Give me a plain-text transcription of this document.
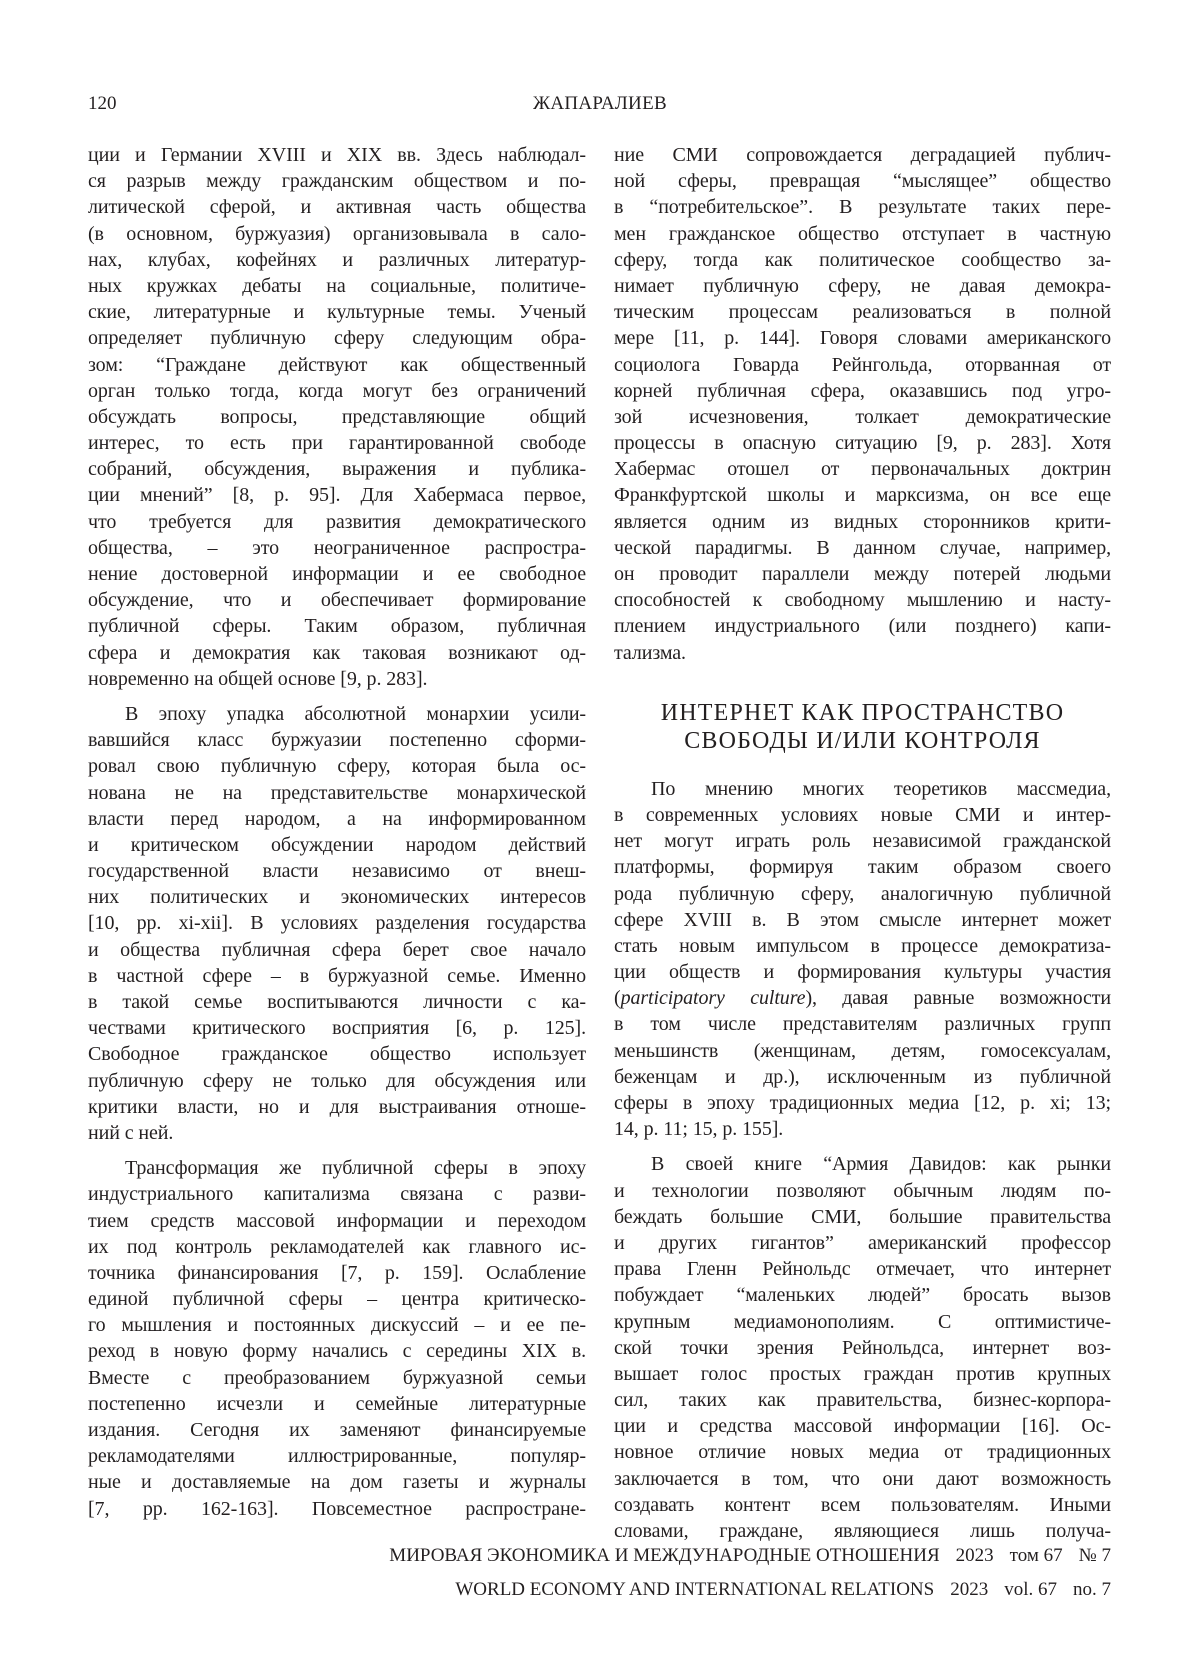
120	ЖАПАРАЛИЕВ
ции и Германии XVIII и XIX вв. Здесь наблюдал-
ся разрыв между гражданским обществом и по-
литической сферой, и активная часть общества
(в основном, буржуазия) организовывала в сало-
нах, клубах, кофейнях и различных литератур-
ных кружках дебаты на социальные, политиче-
ские, литературные и культурные темы. Ученый
определяет публичную сферу следующим обра-
зом: “Граждане действуют как общественный
орган только тогда, когда могут без ограничений
обсуждать вопросы, представляющие общий
интерес, то есть при гарантированной свободе
собраний, обсуждения, выражения и публика-
ции мнений” [8, p. 95]. Для Хабермаса первое,
что требуется для развития демократического
общества, – это неограниченное распростра-
нение достоверной информации и ее свободное
обсуждение, что и обеспечивает формирование
публичной сферы. Таким образом, публичная
сфера и демократия как таковая возникают од-
новременно на общей основе [9, p. 283].
В эпоху упадка абсолютной монархии усили-
вавшийся класс буржуазии постепенно сформи-
ровал свою публичную сферу, которая была ос-
нована не на представительстве монархической
власти перед народом, а на информированном
и критическом обсуждении народом действий
государственной власти независимо от внеш-
них политических и экономических интересов
[10, pp. xi-xii]. В условиях разделения государства
и общества публичная сфера берет свое начало
в частной сфере – в буржуазной семье. Именно
в такой семье воспитываются личности с ка-
чествами критического восприятия [6, p. 125].
Свободное гражданское общество использует
публичную сферу не только для обсуждения или
критики власти, но и для выстраивания отноше-
ний с ней.
Трансформация же публичной сферы в эпоху
индустриального капитализма связана с разви-
тием средств массовой информации и переходом
их под контроль рекламодателей как главного ис-
точника финансирования [7, p. 159]. Ослабление
единой публичной сферы – центра критическо-
го мышления и постоянных дискуссий – и ее пе-
реход в новую форму начались с середины XIX в.
Вместе с преобразованием буржуазной семьи
постепенно исчезли и семейные литературные
издания. Сегодня их заменяют финансируемые
рекламодателями иллюстрированные, популяр-
ные и доставляемые на дом газеты и журналы
[7, pp. 162-163]. Повсеместное распростране-
ние СМИ сопровождается деградацией публич-
ной сферы, превращая “мыслящее” общество
в “потребительское”. В результате таких пере-
мен гражданское общество отступает в частную
сферу, тогда как политическое сообщество за-
нимает публичную сферу, не давая демокра-
тическим процессам реализоваться в полной
мере [11, p. 144]. Говоря словами американского
социолога Говарда Рейнгольда, оторванная от
корней публичная сфера, оказавшись под угро-
зой исчезновения, толкает демократические
процессы в опасную ситуацию [9, p. 283]. Хотя
Хабермас отошел от первоначальных доктрин
Франкфуртской школы и марксизма, он все еще
является одним из видных сторонников крити-
ческой парадигмы. В данном случае, например,
он проводит параллели между потерей людьми
способностей к свободному мышлению и насту-
плением индустриального (или позднего) капи-
тализма.
ИНТЕРНЕТ КАК ПРОСТРАНСТВО
СВОБОДЫ И/ИЛИ КОНТРОЛЯ
По мнению многих теоретиков массмедиа,
в современных условиях новые СМИ и интер-
нет могут играть роль независимой гражданской
платформы, формируя таким образом своего
рода публичную сферу, аналогичную публичной
сфере XVIII в. В этом смысле интернет может
стать новым импульсом в процессе демократиза-
ции обществ и формирования культуры участия
(participatory culture), давая равные возможности
в том числе представителям различных групп
меньшинств (женщинам, детям, гомосексуалам,
беженцам и др.), исключенным из публичной
сферы в эпоху традиционных медиа [12, p. xi; 13;
14, p. 11; 15, p. 155].
В своей книге “Армия Давидов: как рынки
и технологии позволяют обычным людям по-
беждать большие СМИ, большие правительства
и других гигантов” американский профессор
права Гленн Рейнольдс отмечает, что интернет
побуждает “маленьких людей” бросать вызов
крупным медиамонополиям. С оптимистиче-
ской точки зрения Рейнольдса, интернет воз-
вышает голос простых граждан против крупных
сил, таких как правительства, бизнес-корпора-
ции и средства массовой информации [16]. Ос-
новное отличие новых медиа от традиционных
заключается в том, что они дают возможность
создавать контент всем пользователям. Иными
словами, граждане, являющиеся лишь получа-
МИРОВАЯ ЭКОНОМИКА И МЕЖДУНАРОДНЫЕ ОТНОШЕНИЯ 2023 том 67 № 7
WORLD ECONOMY AND INTERNATIONAL RELATIONS 2023 vol. 67 no. 7
